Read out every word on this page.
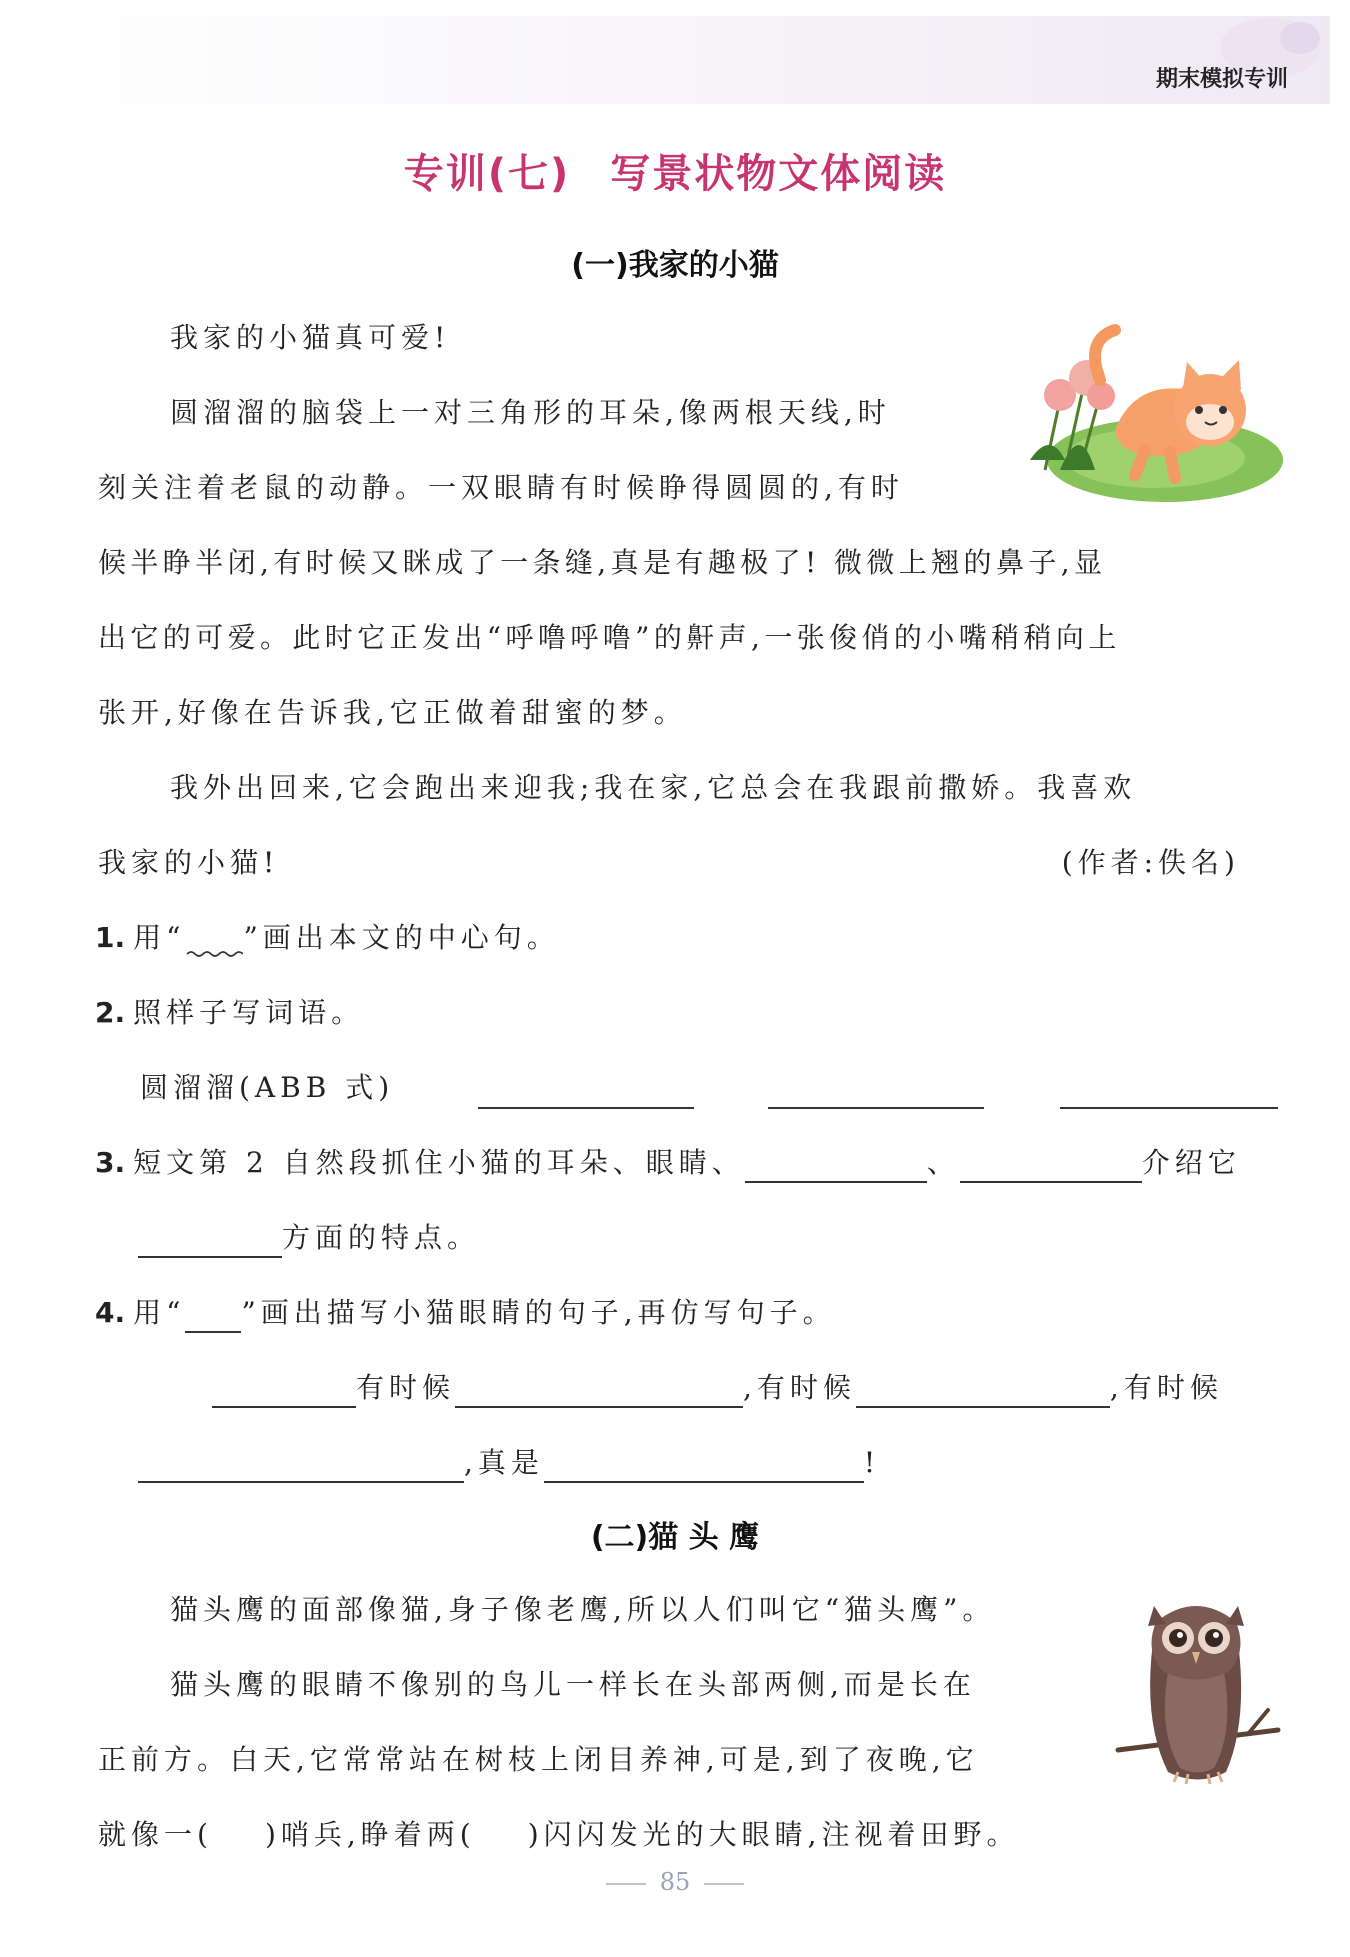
期末模拟专训
专训(七) 写景状物文体阅读
(一)我家的小猫
我家的小猫真可爱!
圆溜溜的脑袋上一对三角形的耳朵,像两根天线,时
刻关注着老鼠的动静。一双眼睛有时候睁得圆圆的,有时
候半睁半闭,有时候又眯成了一条缝,真是有趣极了! 微微上翘的鼻子,显
出它的可爱。此时它正发出“呼噜呼噜”的鼾声,一张俊俏的小嘴稍稍向上
张开,好像在告诉我,它正做着甜蜜的梦。
我外出回来,它会跑出来迎我;我在家,它总会在我跟前撒娇。我喜欢
我家的小猫!	(作者:佚名)
1. 用“ ”画出本文的中心句。
2. 照样子写词语。
圆溜溜(ABB 式)
3. 短文第 2 自然段抓住小猫的耳朵、眼睛、	、	介绍它
方面的特点。
4. 用“ ”画出描写小猫眼睛的句子,再仿写句子。
有时候	,有时候	,有时候
,真是	!
(二)猫 头 鹰
猫头鹰的面部像猫,身子像老鹰,所以人们叫它“猫头鹰”。
猫头鹰的眼睛不像别的鸟儿一样长在头部两侧,而是长在
正前方。白天,它常常站在树枝上闭目养神,可是,到了夜晚,它
就像一( )哨兵,睁着两( )闪闪发光的大眼睛,注视着田野。
85
